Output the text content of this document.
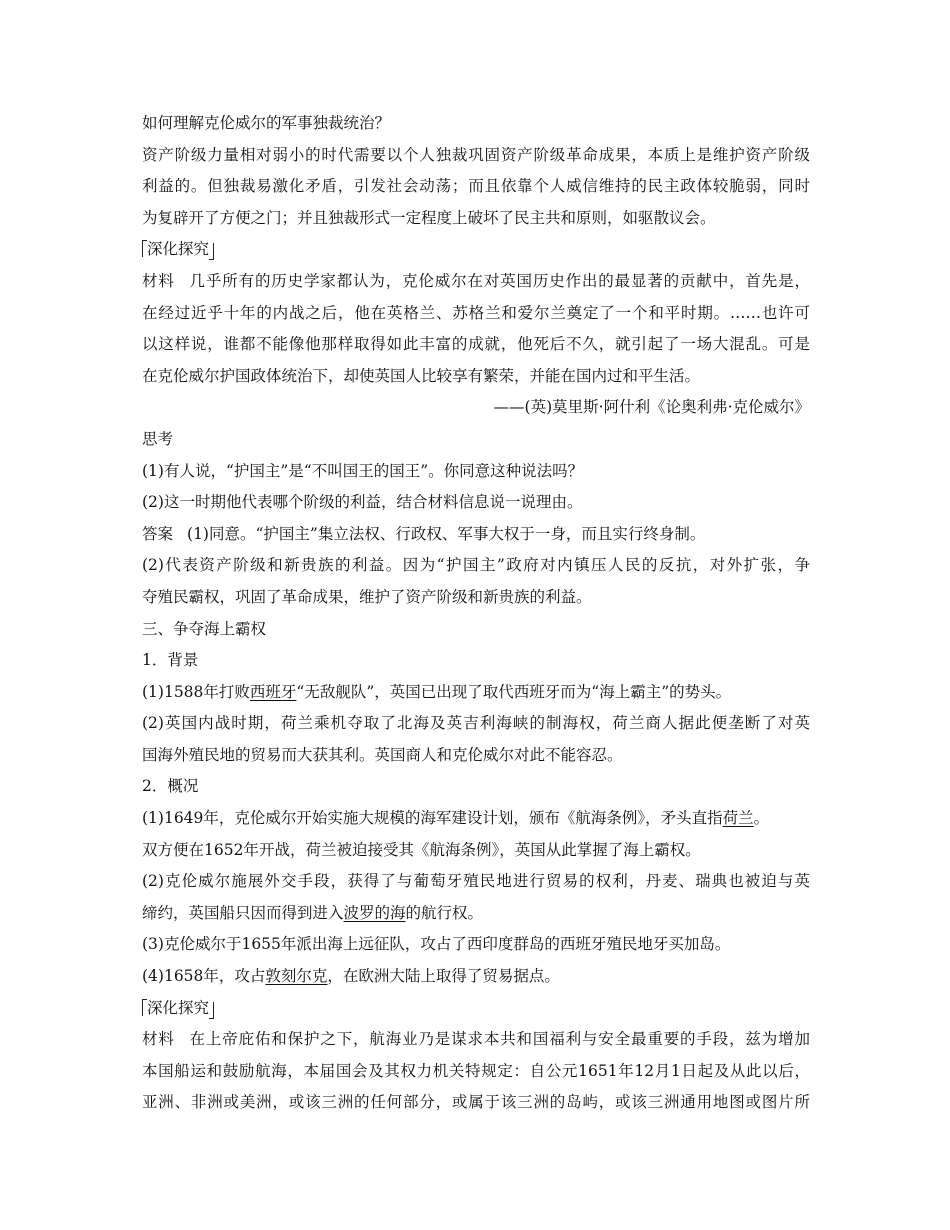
如何理解克伦威尔的军事独裁统治？
资产阶级力量相对弱小的时代需要以个人独裁巩固资产阶级革命成果，本质上是维护资产阶级
利益的。但独裁易激化矛盾，引发社会动荡；而且依靠个人威信维持的民主政体较脆弱，同时
为复辟开了方便之门；并且独裁形式一定程度上破坏了民主共和原则，如驱散议会。
深化探究
材料 几乎所有的历史学家都认为，克伦威尔在对英国历史作出的最显著的贡献中，首先是，
在经过近乎十年的内战之后，他在英格兰、苏格兰和爱尔兰奠定了一个和平时期。……也许可
以这样说，谁都不能像他那样取得如此丰富的成就，他死后不久，就引起了一场大混乱。可是
在克伦威尔护国政体统治下，却使英国人比较享有繁荣，并能在国内过和平生活。
——(英)莫里斯·阿什利《论奥利弗·克伦威尔》
思考
(1)有人说，“护国主”是“不叫国王的国王”。你同意这种说法吗？
(2)这一时期他代表哪个阶级的利益，结合材料信息说一说理由。
答案 (1)同意。“护国主”集立法权、行政权、军事大权于一身，而且实行终身制。
(2)代表资产阶级和新贵族的利益。因为“护国主”政府对内镇压人民的反抗，对外扩张，争
夺殖民霸权，巩固了革命成果，维护了资产阶级和新贵族的利益。
三、争夺海上霸权
1．背景
(1)1588年打败西班牙“无敌舰队”，英国已出现了取代西班牙而为“海上霸主”的势头。
(2)英国内战时期，荷兰乘机夺取了北海及英吉利海峡的制海权，荷兰商人据此便垄断了对英
国海外殖民地的贸易而大获其利。英国商人和克伦威尔对此不能容忍。
2．概况
(1)1649年，克伦威尔开始实施大规模的海军建设计划，颁布《航海条例》，矛头直指荷兰。
双方便在1652年开战，荷兰被迫接受其《航海条例》，英国从此掌握了海上霸权。
(2)克伦威尔施展外交手段，获得了与葡萄牙殖民地进行贸易的权利，丹麦、瑞典也被迫与英
缔约，英国船只因而得到进入波罗的海的航行权。
(3)克伦威尔于1655年派出海上远征队，攻占了西印度群岛的西班牙殖民地牙买加岛。
(4)1658年，攻占敦刻尔克，在欧洲大陆上取得了贸易据点。
深化探究
材料 在上帝庇佑和保护之下，航海业乃是谋求本共和国福利与安全最重要的手段，兹为增加
本国船运和鼓励航海，本届国会及其权力机关特规定：自公元1651年12月1日起及从此以后，
亚洲、非洲或美洲，或该三洲的任何部分，或属于该三洲的岛屿，或该三洲通用地图或图片所
